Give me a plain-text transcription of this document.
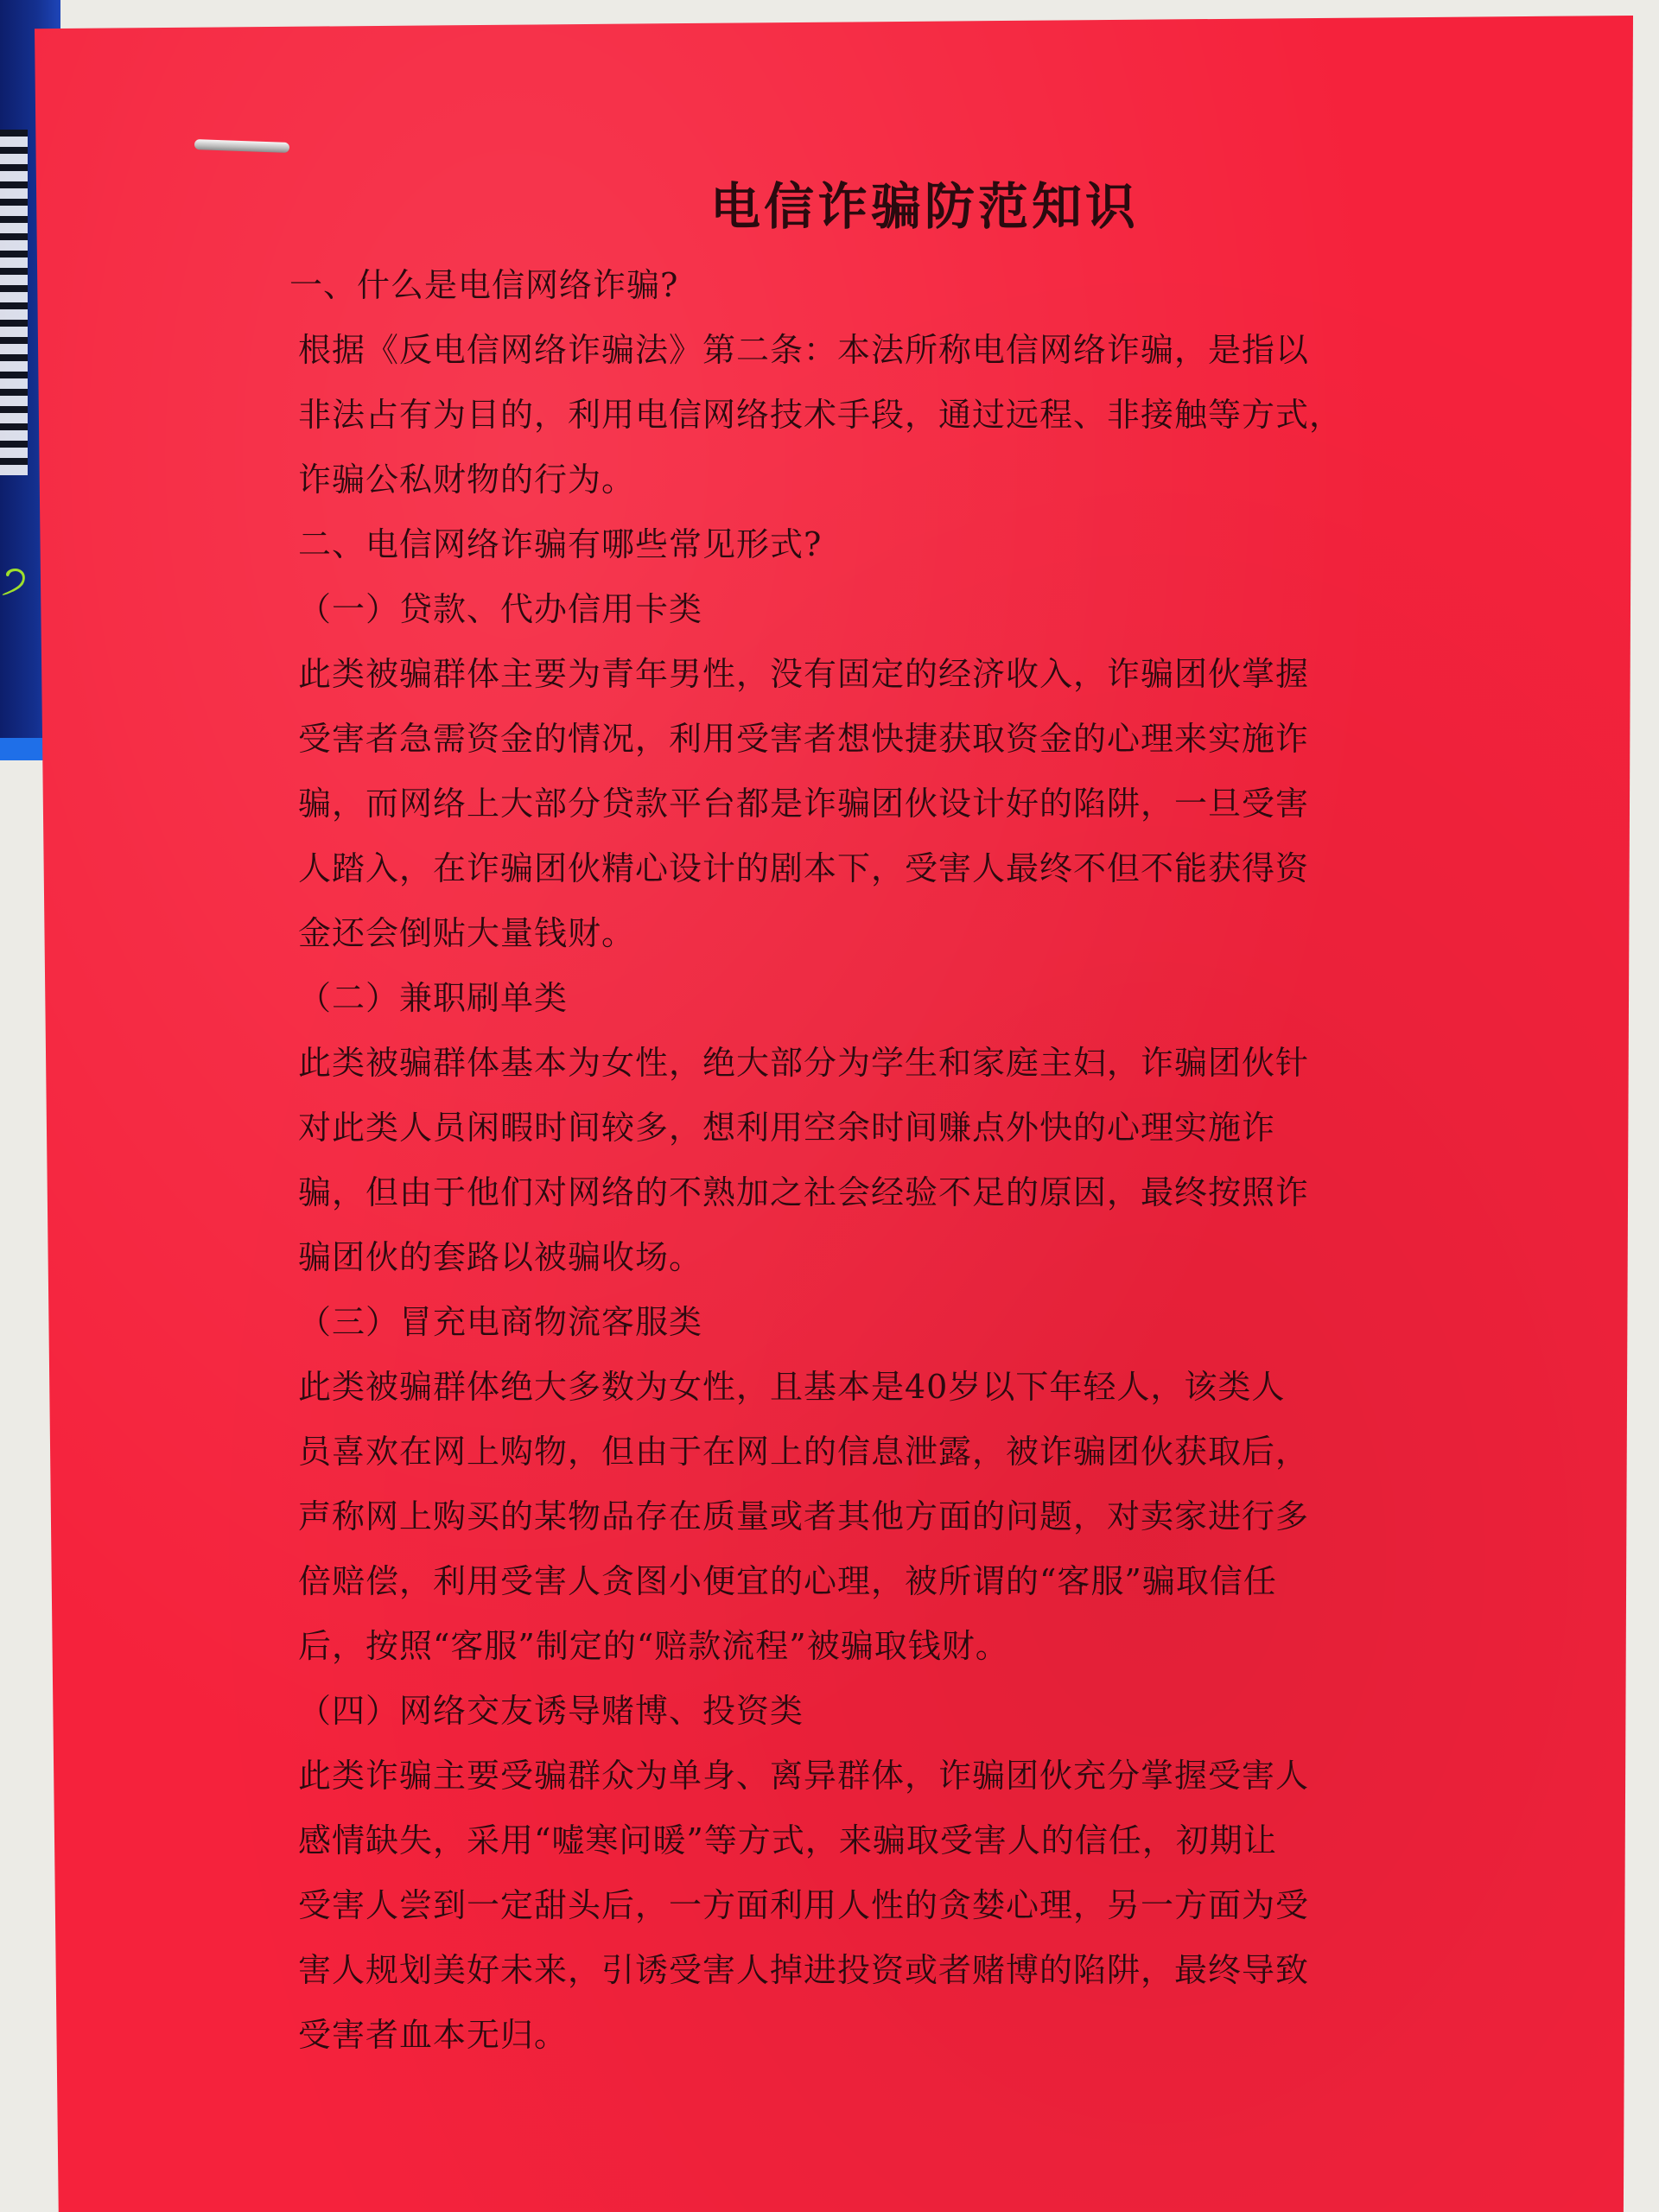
੭
电信诈骗防范知识
一、什么是电信网络诈骗?
根据《反电信网络诈骗法》第二条：本法所称电信网络诈骗，是指以
非法占有为目的，利用电信网络技术手段，通过远程、非接触等方式，
诈骗公私财物的行为。
二、电信网络诈骗有哪些常见形式?
（一）贷款、代办信用卡类
此类被骗群体主要为青年男性，没有固定的经济收入，诈骗团伙掌握
受害者急需资金的情况，利用受害者想快捷获取资金的心理来实施诈
骗，而网络上大部分贷款平台都是诈骗团伙设计好的陷阱，一旦受害
人踏入，在诈骗团伙精心设计的剧本下，受害人最终不但不能获得资
金还会倒贴大量钱财。
（二）兼职刷单类
此类被骗群体基本为女性，绝大部分为学生和家庭主妇，诈骗团伙针
对此类人员闲暇时间较多，想利用空余时间赚点外快的心理实施诈
骗，但由于他们对网络的不熟加之社会经验不足的原因，最终按照诈
骗团伙的套路以被骗收场。
（三）冒充电商物流客服类
此类被骗群体绝大多数为女性，且基本是40岁以下年轻人，该类人
员喜欢在网上购物，但由于在网上的信息泄露，被诈骗团伙获取后，
声称网上购买的某物品存在质量或者其他方面的问题，对卖家进行多
倍赔偿，利用受害人贪图小便宜的心理，被所谓的“客服”骗取信任
后，按照“客服”制定的“赔款流程”被骗取钱财。
（四）网络交友诱导赌博、投资类
此类诈骗主要受骗群众为单身、离异群体，诈骗团伙充分掌握受害人
感情缺失，采用“嘘寒问暖”等方式，来骗取受害人的信任，初期让
受害人尝到一定甜头后，一方面利用人性的贪婪心理，另一方面为受
害人规划美好未来，引诱受害人掉进投资或者赌博的陷阱，最终导致
受害者血本无归。
